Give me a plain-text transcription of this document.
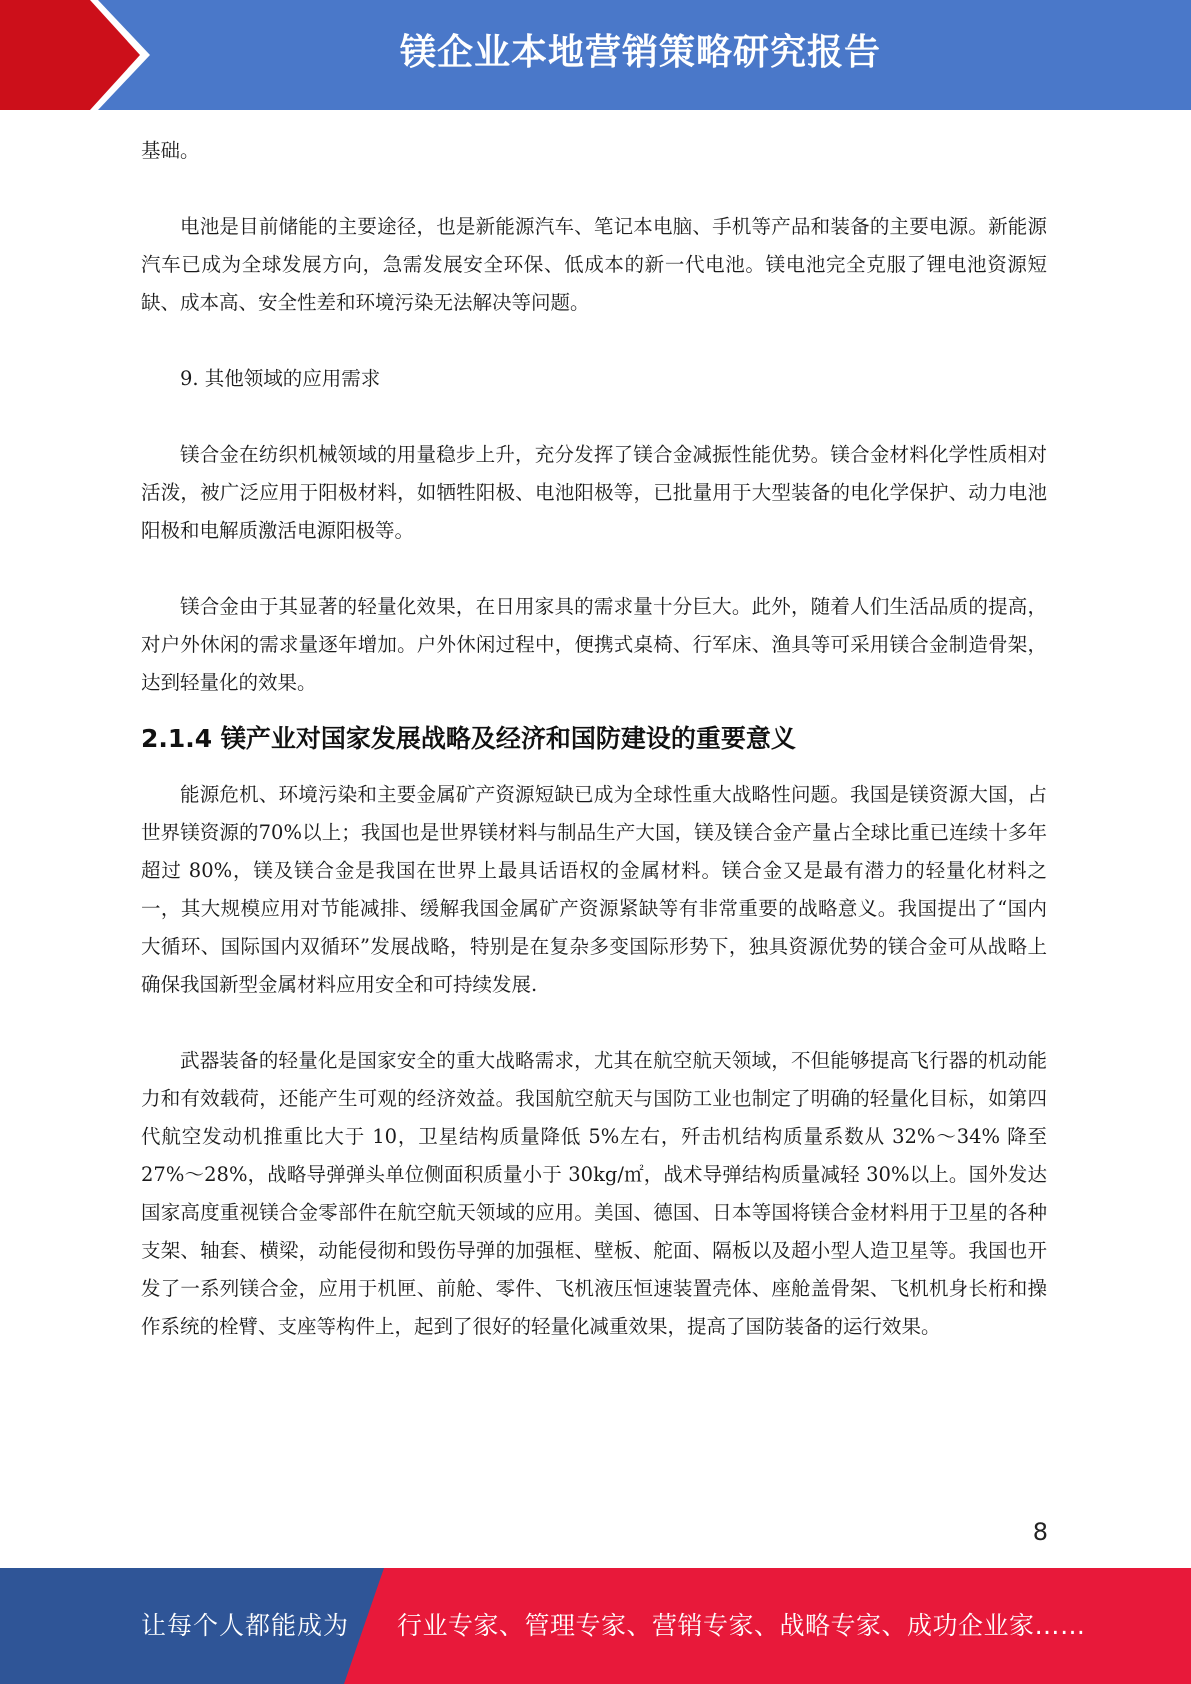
镁企业本地营销策略研究报告

基础。

电池是目前储能的主要途径，也是新能源汽车、笔记本电脑、手机等产品和装备的主要电源。新能源汽车已成为全球发展方向，急需发展安全环保、低成本的新一代电池。镁电池完全克服了锂电池资源短缺、成本高、安全性差和环境污染无法解决等问题。

9. 其他领域的应用需求

镁合金在纺织机械领域的用量稳步上升，充分发挥了镁合金减振性能优势。镁合金材料化学性质相对活泼，被广泛应用于阳极材料，如牺牲阳极、电池阳极等，已批量用于大型装备的电化学保护、动力电池阳极和电解质激活电源阳极等。

镁合金由于其显著的轻量化效果，在日用家具的需求量十分巨大。此外，随着人们生活品质的提高，对户外休闲的需求量逐年增加。户外休闲过程中，便携式桌椅、行军床、渔具等可采用镁合金制造骨架，达到轻量化的效果。

2.1.4 镁产业对国家发展战略及经济和国防建设的重要意义

能源危机、环境污染和主要金属矿产资源短缺已成为全球性重大战略性问题。我国是镁资源大国，占世界镁资源的70%以上；我国也是世界镁材料与制品生产大国，镁及镁合金产量占全球比重已连续十多年超过 80%，镁及镁合金是我国在世界上最具话语权的金属材料。镁合金又是最有潜力的轻量化材料之一，其大规模应用对节能减排、缓解我国金属矿产资源紧缺等有非常重要的战略意义。我国提出了“国内大循环、国际国内双循环”发展战略，特别是在复杂多变国际形势下，独具资源优势的镁合金可从战略上确保我国新型金属材料应用安全和可持续发展.

武器装备的轻量化是国家安全的重大战略需求，尤其在航空航天领域，不但能够提高飞行器的机动能力和有效载荷，还能产生可观的经济效益。我国航空航天与国防工业也制定了明确的轻量化目标，如第四代航空发动机推重比大于 10，卫星结构质量降低 5%左右，歼击机结构质量系数从 32%～34% 降至 27%～28%，战略导弹弹头单位侧面积质量小于 30kg/㎡，战术导弹结构质量减轻 30%以上。国外发达国家高度重视镁合金零部件在航空航天领域的应用。美国、德国、日本等国将镁合金材料用于卫星的各种支架、轴套、横梁，动能侵彻和毁伤导弹的加强框、壁板、舵面、隔板以及超小型人造卫星等。我国也开发了一系列镁合金，应用于机匣、前舱、零件、飞机液压恒速装置壳体、座舱盖骨架、飞机机身长桁和操作系统的栓臂、支座等构件上，起到了很好的轻量化减重效果，提高了国防装备的运行效果。

8
让每个人都能成为 行业专家、管理专家、营销专家、战略专家、成功企业家……
